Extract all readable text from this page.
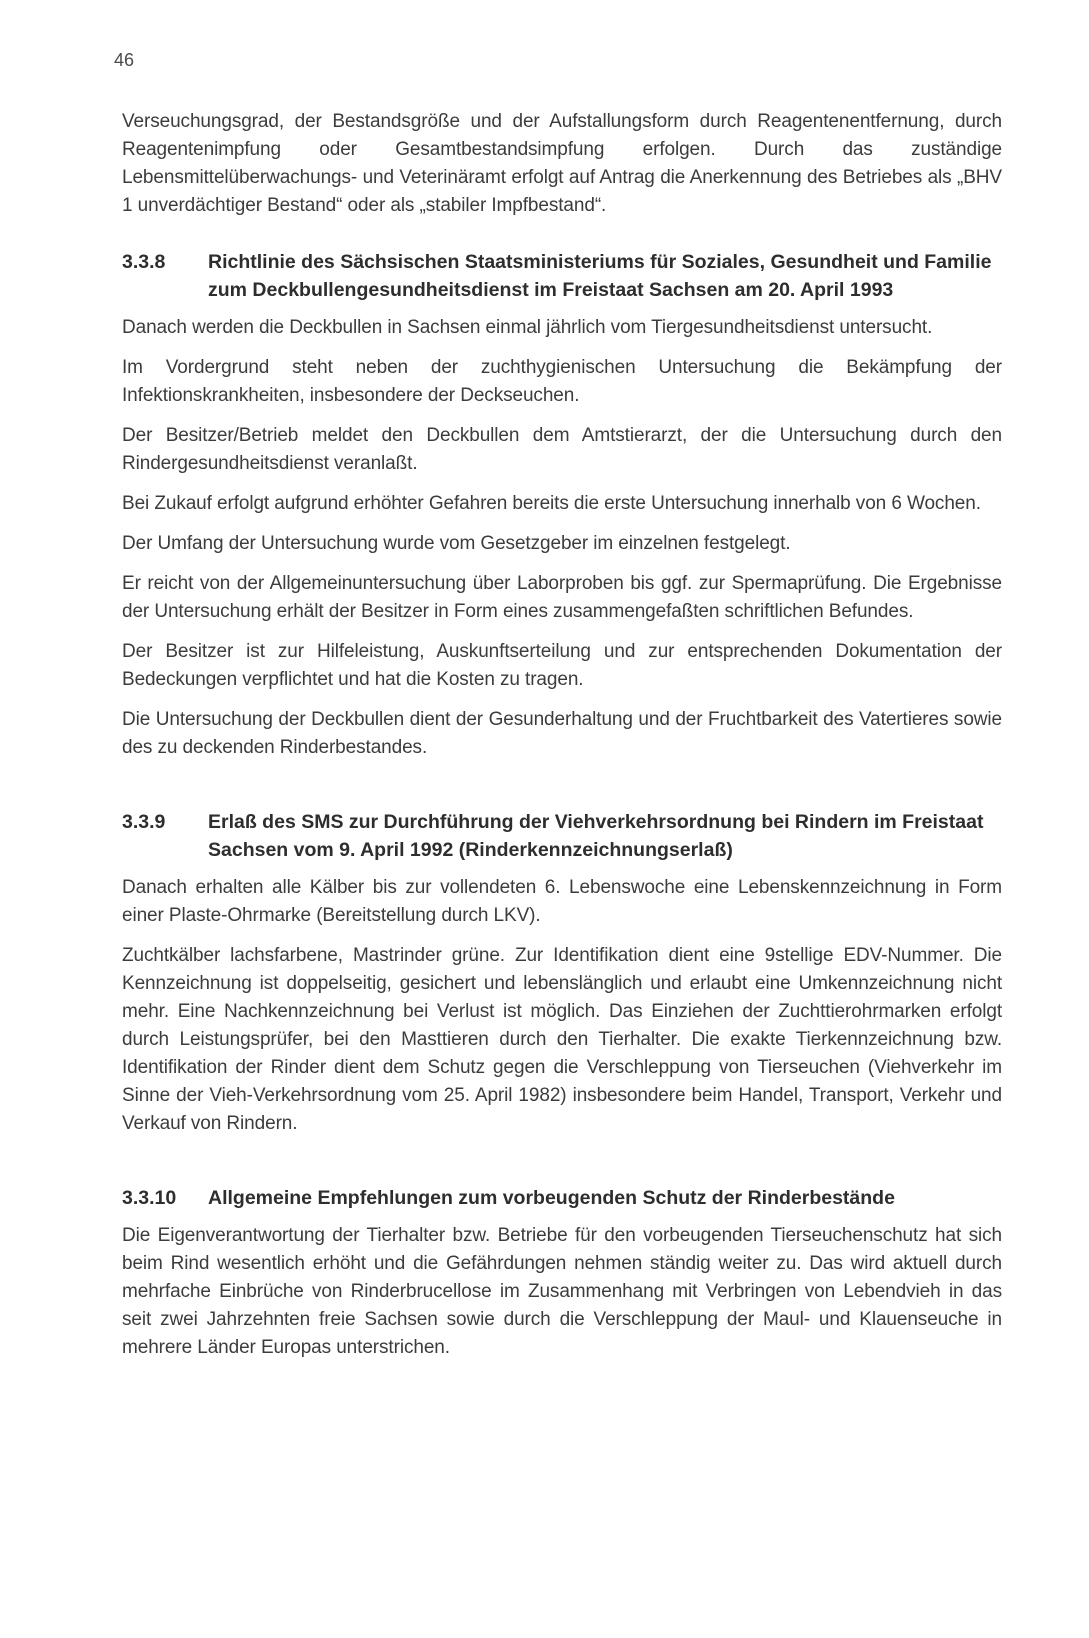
46

Verseuchungsgrad, der Bestandsgröße und der Aufstallungsform durch Reagentenentfernung, durch Reagentenimpfung oder Gesamtbestandsimpfung erfolgen. Durch das zuständige Lebensmittelüberwachungs- und Veterinäramt erfolgt auf Antrag die Anerkennung des Betriebes als „BHV 1 unverdächtiger Bestand“ oder als „stabiler Impfbestand“.

3.3.8	Richtlinie des Sächsischen Staatsministeriums für Soziales, Gesundheit und Familie zum Deckbullengesundheitsdienst im Freistaat Sachsen am 20. April 1993

Danach werden die Deckbullen in Sachsen einmal jährlich vom Tiergesundheitsdienst untersucht.

Im Vordergrund steht neben der zuchthygienischen Untersuchung die Bekämpfung der Infektionskrankheiten, insbesondere der Deckseuchen.

Der Besitzer/Betrieb meldet den Deckbullen dem Amtstierarzt, der die Untersuchung durch den Rindergesundheitsdienst veranlaßt.

Bei Zukauf erfolgt aufgrund erhöhter Gefahren bereits die erste Untersuchung innerhalb von 6 Wochen.

Der Umfang der Untersuchung wurde vom Gesetzgeber im einzelnen festgelegt.

Er reicht von der Allgemeinuntersuchung über Laborproben bis ggf. zur Spermaprüfung. Die Ergebnisse der Untersuchung erhält der Besitzer in Form eines zusammengefaßten schriftlichen Befundes.

Der Besitzer ist zur Hilfeleistung, Auskunftserteilung und zur entsprechenden Dokumentation der Bedeckungen verpflichtet und hat die Kosten zu tragen.

Die Untersuchung der Deckbullen dient der Gesunderhaltung und der Fruchtbarkeit des Vatertieres sowie des zu deckenden Rinderbestandes.

3.3.9	Erlaß des SMS zur Durchführung der Viehverkehrsordnung bei Rindern im Freistaat Sachsen vom 9. April 1992 (Rinderkennzeichnungserlaß)

Danach erhalten alle Kälber bis zur vollendeten 6. Lebenswoche eine Lebenskennzeichnung in Form einer Plaste-Ohrmarke (Bereitstellung durch LKV).

Zuchtkälber lachsfarbene, Mastrinder grüne. Zur Identifikation dient eine 9stellige EDV-Nummer. Die Kennzeichnung ist doppelseitig, gesichert und lebenslänglich und erlaubt eine Umkennzeichnung nicht mehr. Eine Nachkennzeichnung bei Verlust ist möglich. Das Einziehen der Zuchttierohrmarken erfolgt durch Leistungsprüfer, bei den Masttieren durch den Tierhalter. Die exakte Tierkennzeichnung bzw. Identifikation der Rinder dient dem Schutz gegen die Verschleppung von Tierseuchen (Viehverkehr im Sinne der Vieh-Verkehrsordnung vom 25. April 1982) insbesondere beim Handel, Transport, Verkehr und Verkauf von Rindern.

3.3.10	Allgemeine Empfehlungen zum vorbeugenden Schutz der Rinderbestände

Die Eigenverantwortung der Tierhalter bzw. Betriebe für den vorbeugenden Tierseuchenschutz hat sich beim Rind wesentlich erhöht und die Gefährdungen nehmen ständig weiter zu. Das wird aktuell durch mehrfache Einbrüche von Rinderbrucellose im Zusammenhang mit Verbringen von Lebendvieh in das seit zwei Jahrzehnten freie Sachsen sowie durch die Verschleppung der Maul- und Klauenseuche in mehrere Länder Europas unterstrichen.
